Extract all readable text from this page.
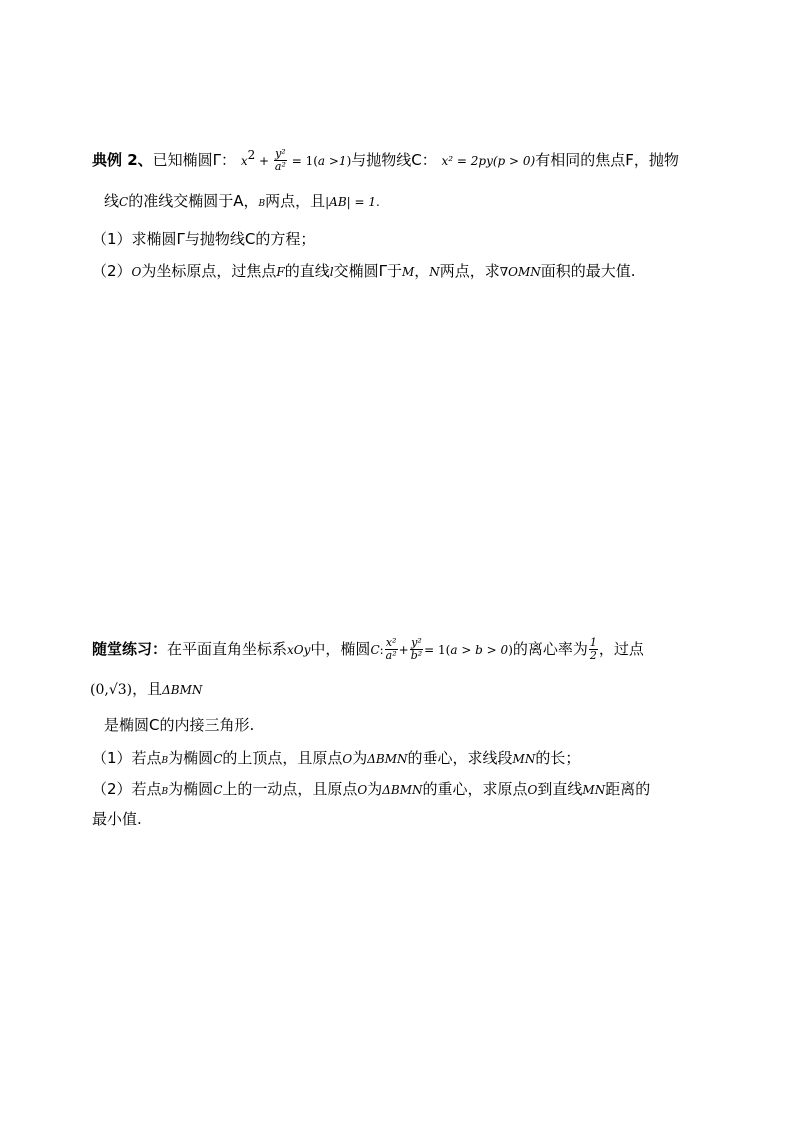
典例 2、已知椭圆Γ： $x^2 + \frac{\text{y²}}{\text{a²}} = 1(a >1)$与抛物线C： x² = 2py(p > 0)有相同的焦点F，抛物
线C的准线交椭圆于A，B两点，且|AB| = 1.
（1）求椭圆Γ与抛物线C的方程；
（2）O为坐标原点，过焦点F的直线l交椭圆Γ于M，N两点，求∇OMN面积的最大值.
随堂练习：在平面直角坐标系xOy中，椭圆C: $\frac{\text{x²}}{\text{a²}} + \frac{\text{y²}}{\text{b²}} = 1(a > b > 0)$的离心率为 $\frac{1}{2}$ ，过点
(0,√3)，且ΔBMN
是椭圆C的内接三角形.
（1）若点B为椭圆C的上顶点，且原点O为ΔBMN的垂心，求线段MN的长；
（2）若点B为椭圆C上的一动点，且原点O为ΔBMN的重心，求原点O到直线MN距离的
最小值.
